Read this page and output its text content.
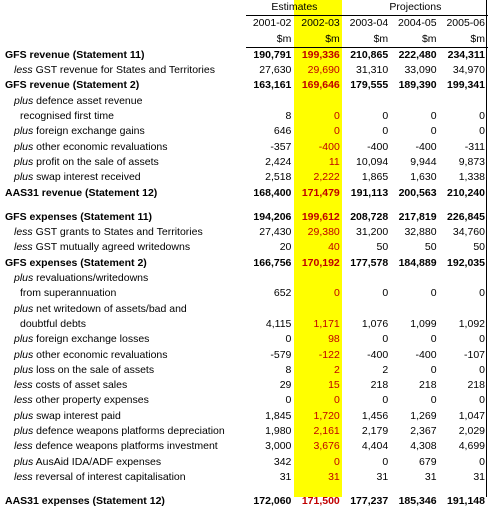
	Estimates		Projections		
	2001-02	2002-03	2003-04	2004-05	2005-06
	$m	$m	$m	$m	$m
GFS revenue (Statement 11)	190,791	199,336	210,865	222,480	234,311
less GST revenue for States and Territories	27,630	29,690	31,310	33,090	34,970
GFS revenue (Statement 2)	163,161	169,646	179,555	189,390	199,341
plus defence asset revenue					
recognised first time	8	0	0	0	0
plus foreign exchange gains	646	0	0	0	0
plus other economic revaluations	-357	-400	-400	-400	-311
plus profit on the sale of assets	2,424	11	10,094	9,944	9,873
plus swap interest received	2,518	2,222	1,865	1,630	1,338
AAS31 revenue (Statement 12)	168,400	171,479	191,113	200,563	210,240

GFS expenses (Statement 11)	194,206	199,612	208,728	217,819	226,845
less GST grants to States and Territories	27,430	29,380	31,200	32,880	34,760
less GST mutually agreed writedowns	20	40	50	50	50
GFS expenses (Statement 2)	166,756	170,192	177,578	184,889	192,035
plus revaluations/writedowns					
from superannuation	652	0	0	0	0
plus net writedown of assets/bad and					
doubtful debts	4,115	1,171	1,076	1,099	1,092
plus foreign exchange losses	0	98	0	0	0
plus other economic revaluations	-579	-122	-400	-400	-107
plus loss on the sale of assets	8	2	2	0	0
less costs of asset sales	29	15	218	218	218
less other property expenses	0	0	0	0	0
plus swap interest paid	1,845	1,720	1,456	1,269	1,047
plus defence weapons platforms depreciation	1,980	2,161	2,179	2,367	2,029
less defence weapons platforms investment	3,000	3,676	4,404	4,308	4,699
plus AusAid IDA/ADF expenses	342	0	0	679	0
less reversal of interest capitalisation	31	31	31	31	31

AAS31 expenses (Statement 12)	172,060	171,500	177,237	185,346	191,148
